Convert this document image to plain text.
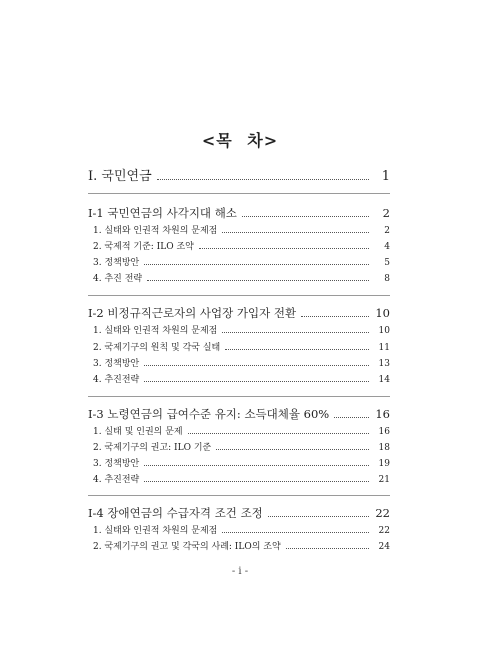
<목 차>
Ⅰ. 국민연금	1
Ⅰ-1 국민연금의 사각지대 해소	2
1. 실태와 인권적 차원의 문제점	2
2. 국제적 기준: ILO 조약	4
3. 정책방안	5
4. 추진 전략	8
Ⅰ-2 비정규직근로자의 사업장 가입자 전환	10
1. 실태와 인권적 차원의 문제점	10
2. 국제기구의 원칙 및 각국 실태	11
3. 정책방안	13
4. 추진전략	14
Ⅰ-3 노령연금의 급여수준 유지: 소득대체율 60%	16
1. 실태 및 인권의 문제	16
2. 국제기구의 권고: ILO 기준	18
3. 정책방안	19
4. 추진전략	21
Ⅰ-4 장애연금의 수급자격 조건 조정	22
1. 실태와 인권적 차원의 문제점	22
2. 국제기구의 권고 및 각국의 사례: ILO의 조약	24
- i -
